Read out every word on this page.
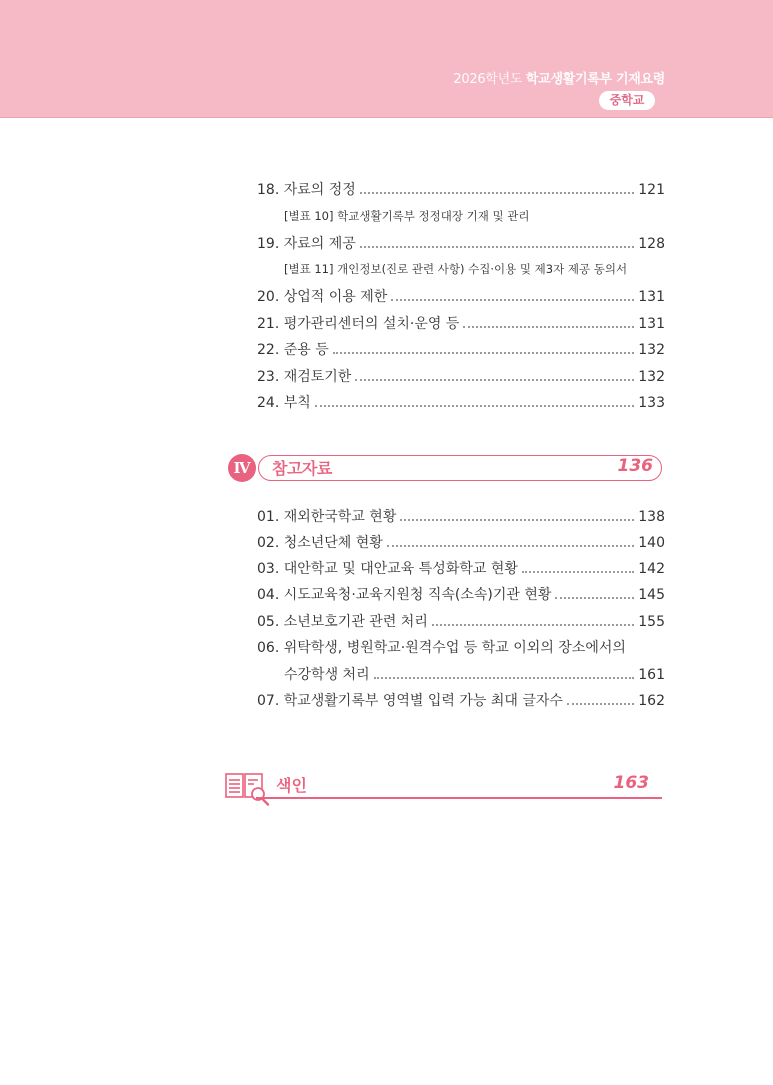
2026학년도 학교생활기록부 기재요령
중학교
18. 자료의 정정	121
[별표 10] 학교생활기록부 정정대장 기재 및 관리
19. 자료의 제공	128
[별표 11] 개인정보(진로 관련 사항) 수집·이용 및 제3자 제공 동의서
20. 상업적 이용 제한	131
21. 평가관리센터의 설치·운영 등	131
22. 준용 등	132
23. 재검토기한	132
24. 부칙	133
Ⅳ	참고자료	136
01. 재외한국학교 현황	138
02. 청소년단체 현황	140
03. 대안학교 및 대안교육 특성화학교 현황	142
04. 시도교육청·교육지원청 직속(소속)기관 현황	145
05. 소년보호기관 관련 처리	155
06. 위탁학생, 병원학교·원격수업 등 학교 이외의 장소에서의
수강학생 처리	161
07. 학교생활기록부 영역별 입력 가능 최대 글자수	162
색인	163
